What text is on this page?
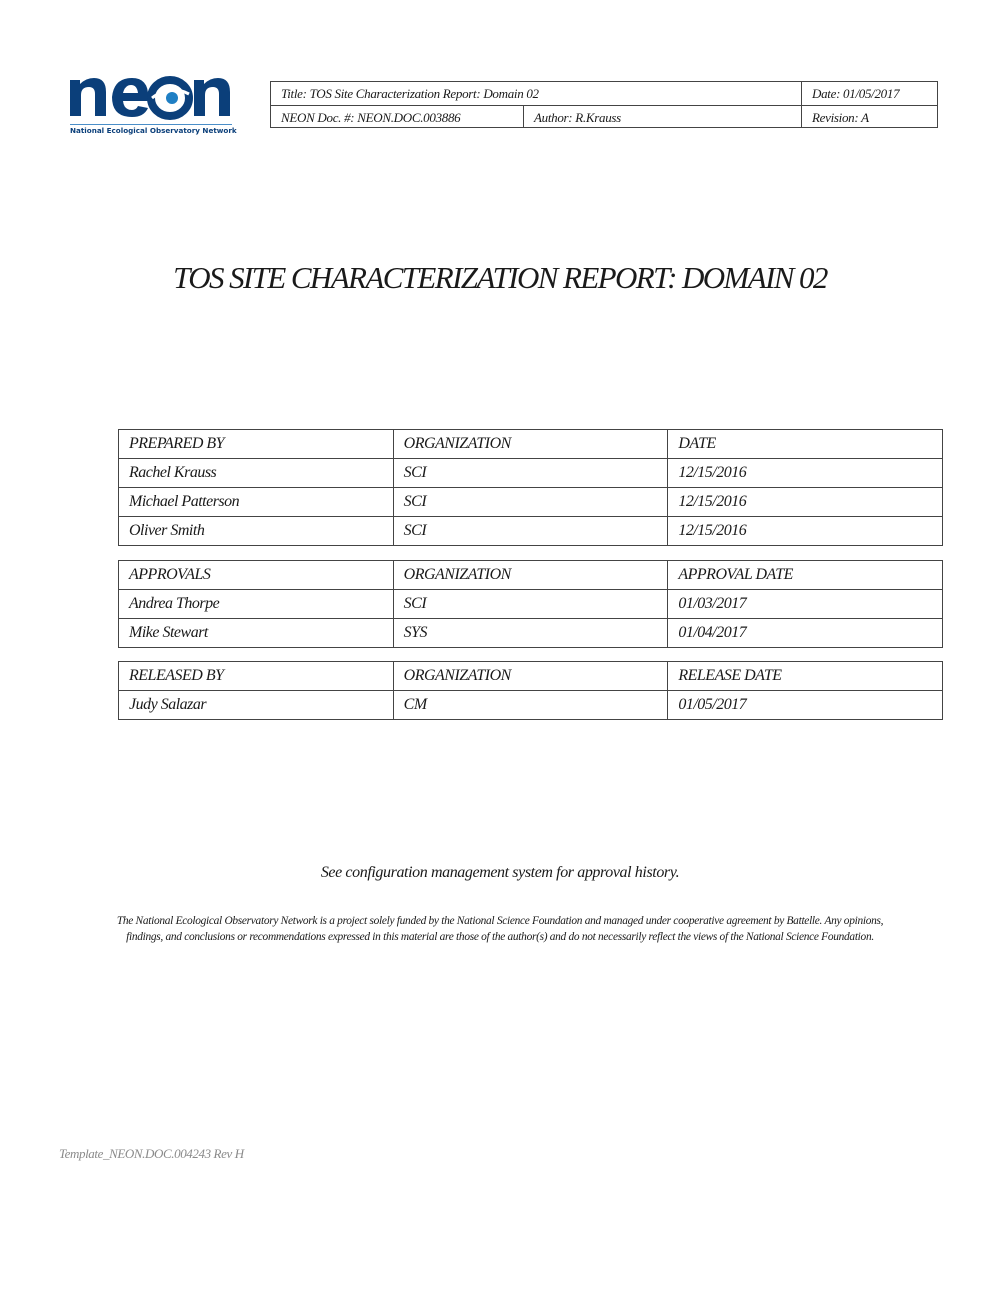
National Ecological Observatory Network
Title: TOS Site Characterization Report: Domain 02	Date: 01/05/2017
NEON Doc. #: NEON.DOC.003886	Author: R.Krauss	Revision: A
TOS SITE CHARACTERIZATION REPORT: DOMAIN 02
PREPARED BY	ORGANIZATION	DATE
Rachel Krauss	SCI	12/15/2016
Michael Patterson	SCI	12/15/2016
Oliver Smith	SCI	12/15/2016
APPROVALS	ORGANIZATION	APPROVAL DATE
Andrea Thorpe	SCI	01/03/2017
Mike Stewart	SYS	01/04/2017
RELEASED BY	ORGANIZATION	RELEASE DATE
Judy Salazar	CM	01/05/2017
See configuration management system for approval history.
The National Ecological Observatory Network is a project solely funded by the National Science Foundation and managed under cooperative agreement by Battelle. Any opinions, findings, and conclusions or recommendations expressed in this material are those of the author(s) and do not necessarily reflect the views of the National Science Foundation.
Template_NEON.DOC.004243 Rev H
